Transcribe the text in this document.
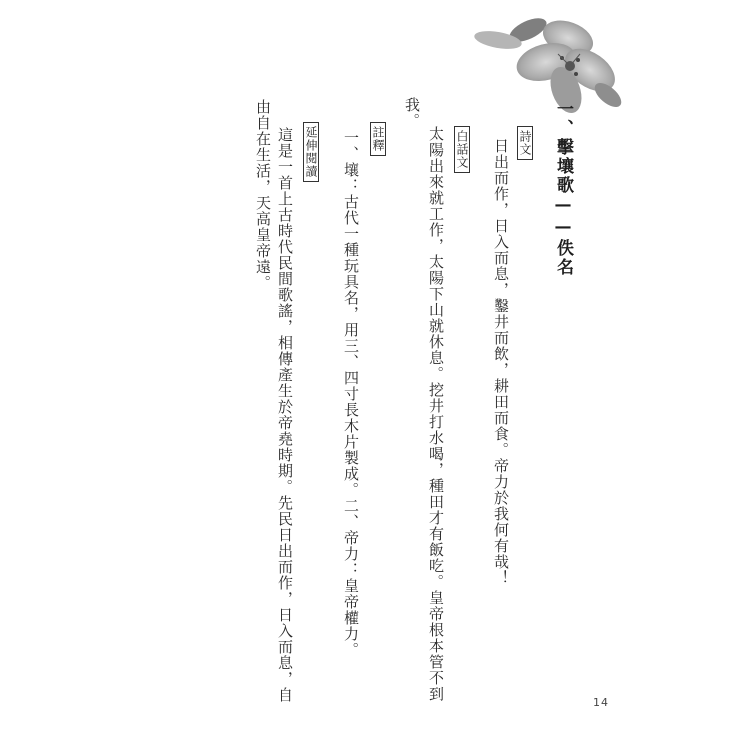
一、擊壤歌——佚名
詩文
日出而作，日入而息，鑿井而飲，耕田而食。帝力於我何有哉！
白話文
太陽出來就工作，太陽下山就休息。挖井打水喝，種田才有飯吃。皇帝根本管不到
我。
註釋
一、壤：古代一種玩具名，用三、四寸長木片製成。二、帝力：皇帝權力。
延伸閱讀
這是一首上古時代民間歌謠，相傳產生於帝堯時期。先民日出而作，日入而息，自
由自在生活，天高皇帝遠。
14
